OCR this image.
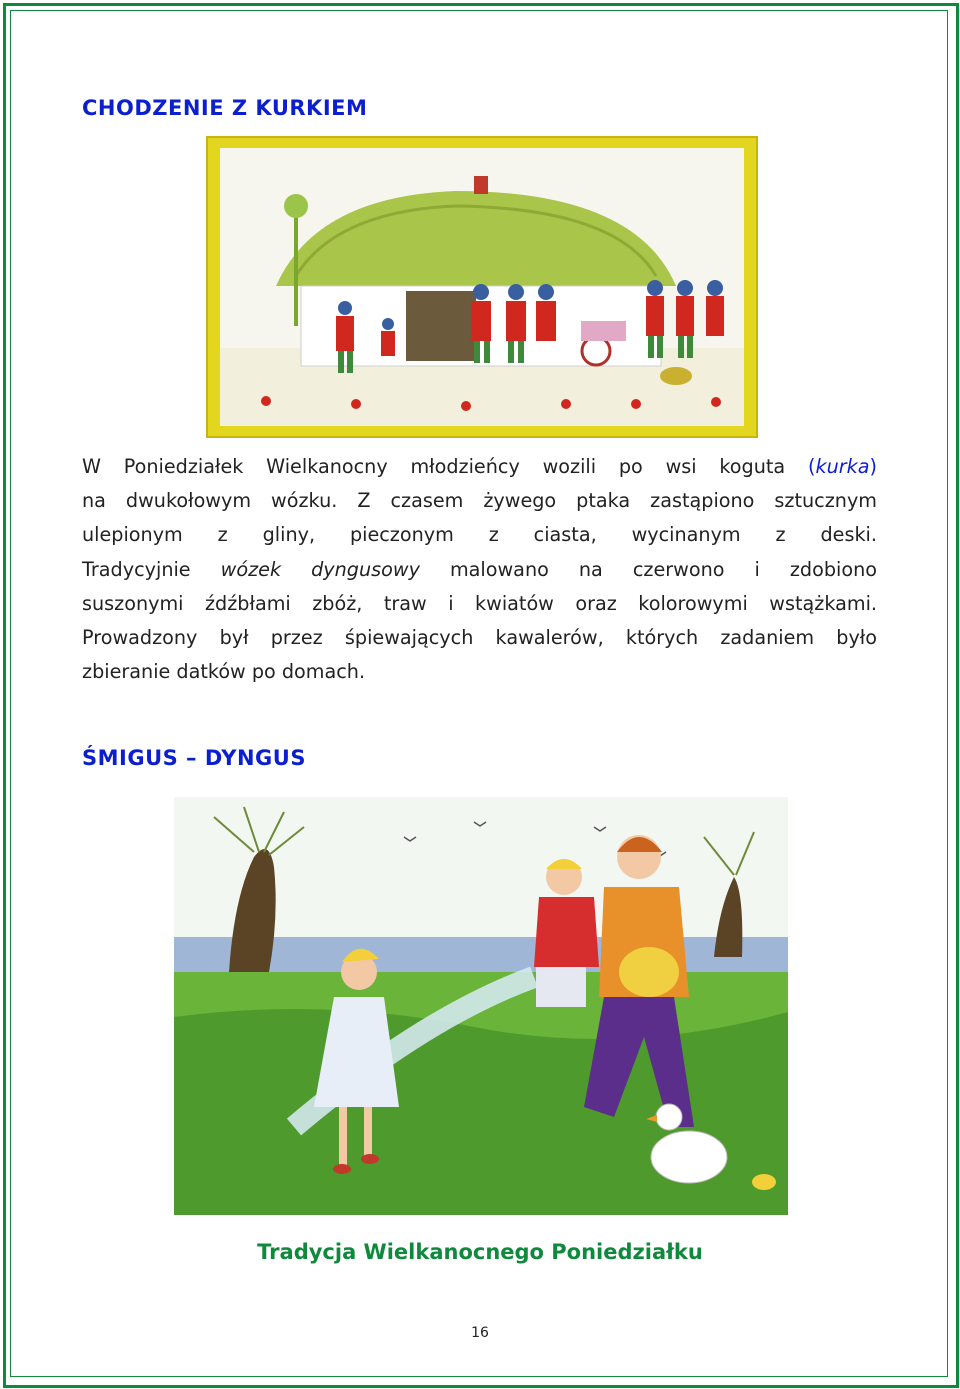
CHODZENIE Z KURKIEM
W Poniedziałek Wielkanocny młodzieńcy wozili po wsi koguta (kurka)
na dwukołowym wózku. Z czasem żywego ptaka zastąpiono sztucznym
ulepionym z gliny, pieczonym z ciasta, wycinanym z deski.
Tradycyjnie wózek dyngusowy malowano na czerwono i zdobiono
suszonymi źdźbłami zbóż, traw i kwiatów oraz kolorowymi wstążkami.
Prowadzony był przez śpiewających kawalerów, których zadaniem było
zbieranie datków po domach.
ŚMIGUS – DYNGUS
Tradycja Wielkanocnego Poniedziałku
16
